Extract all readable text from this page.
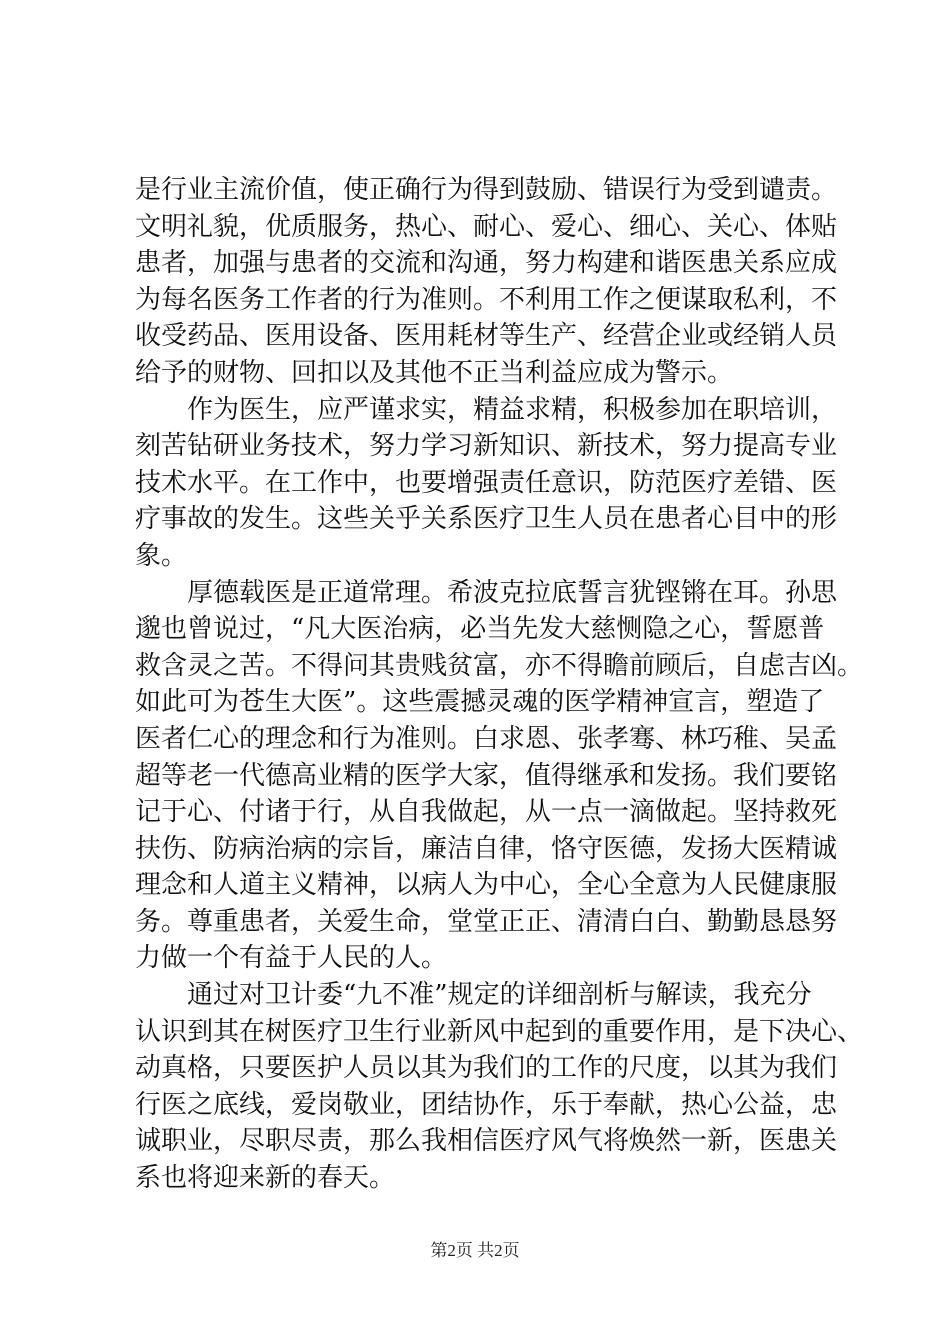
是行业主流价值，使正确行为得到鼓励、错误行为受到谴责。
文明礼貌，优质服务，热心、耐心、爱心、细心、关心、体贴
患者，加强与患者的交流和沟通，努力构建和谐医患关系应成
为每名医务工作者的行为准则。不利用工作之便谋取私利，不
收受药品、医用设备、医用耗材等生产、经营企业或经销人员
给予的财物、回扣以及其他不正当利益应成为警示。
作为医生，应严谨求实，精益求精，积极参加在职培训，
刻苦钻研业务技术，努力学习新知识、新技术，努力提高专业
技术水平。在工作中，也要增强责任意识，防范医疗差错、医
疗事故的发生。这些关乎关系医疗卫生人员在患者心目中的形
象。
厚德载医是正道常理。希波克拉底誓言犹铿锵在耳。孙思
邈也曾说过，“凡大医治病，必当先发大慈恻隐之心，誓愿普
救含灵之苦。不得问其贵贱贫富，亦不得瞻前顾后，自虑吉凶。
如此可为苍生大医”。这些震撼灵魂的医学精神宣言，塑造了
医者仁心的理念和行为准则。白求恩、张孝骞、林巧稚、吴孟
超等老一代德高业精的医学大家，值得继承和发扬。我们要铭
记于心、付诸于行，从自我做起，从一点一滴做起。坚持救死
扶伤、防病治病的宗旨，廉洁自律，恪守医德，发扬大医精诚
理念和人道主义精神，以病人为中心，全心全意为人民健康服
务。尊重患者，关爱生命，堂堂正正、清清白白、勤勤恳恳努
力做一个有益于人民的人。
通过对卫计委“九不准”规定的详细剖析与解读，我充分
认识到其在树医疗卫生行业新风中起到的重要作用，是下决心、
动真格，只要医护人员以其为我们的工作的尺度，以其为我们
行医之底线，爱岗敬业，团结协作，乐于奉献，热心公益，忠
诚职业，尽职尽责，那么我相信医疗风气将焕然一新，医患关
系也将迎来新的春天。
第2页 共2页
